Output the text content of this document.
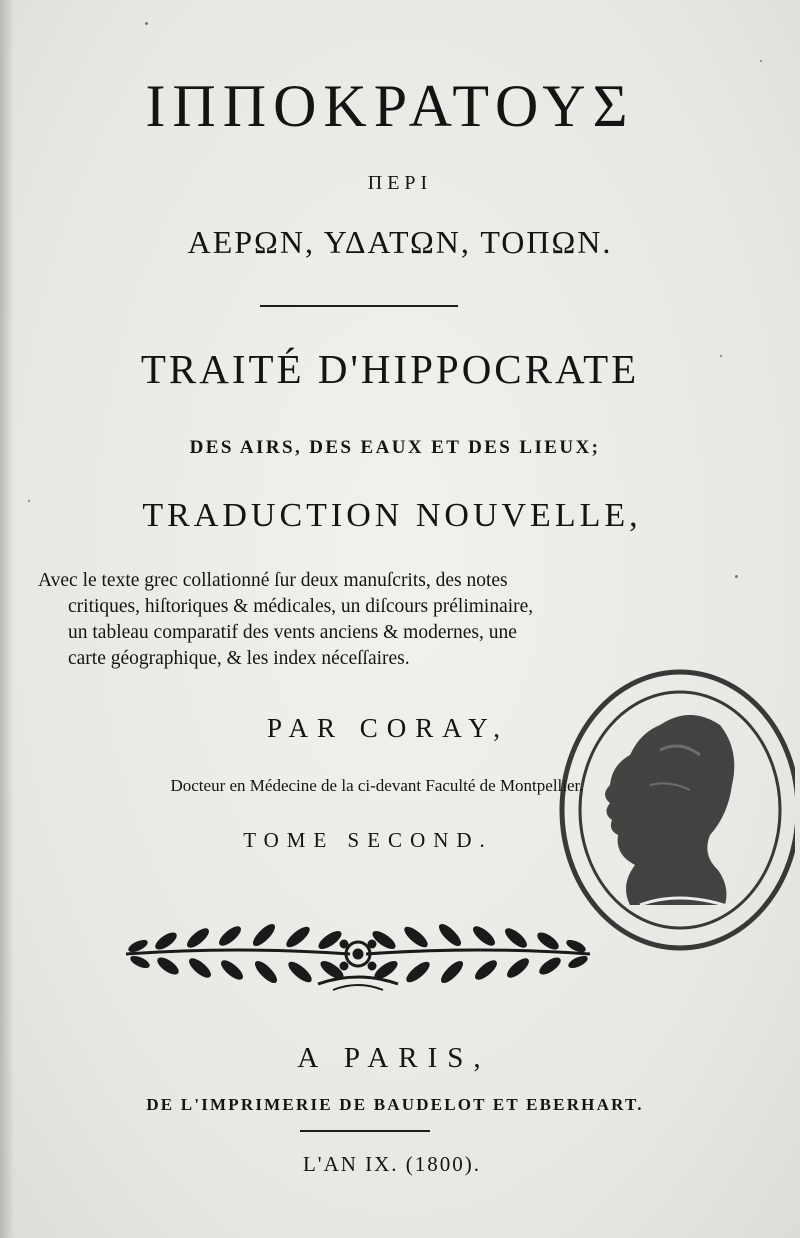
ΙΠΠΟΚΡΑΤΟΥΣ
ΠΕΡΙ
ΑΕΡΩΝ, ΥΔΑΤΩΝ, ΤΟΠΩΝ.
TRAITÉ D'HIPPOCRATE
DES AIRS, DES EAUX ET DES LIEUX;
TRADUCTION NOUVELLE,
Avec le texte grec collationné ſur deux manuſcrits, des notes
critiques, hiſtoriques & médicales, un diſcours préliminaire,
un tableau comparatif des vents anciens & modernes, une
carte géographique, & les index néceſſaires.
PAR CORAY,
Docteur en Médecine de la ci-devant Faculté de Montpellier.
TOME SECOND.
A PARIS,
DE L'IMPRIMERIE DE BAUDELOT ET EBERHART.
L'AN IX. (1800).
